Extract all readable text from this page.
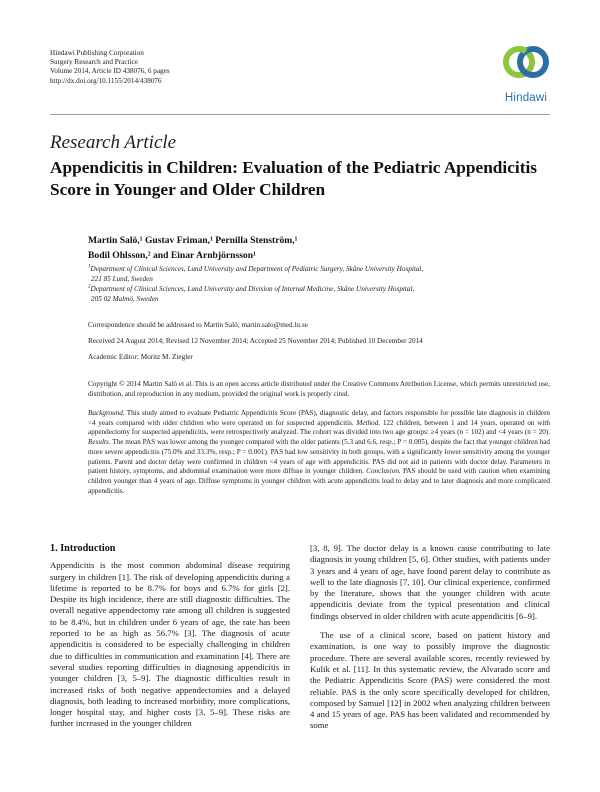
Hindawi Publishing Corporation
Surgery Research and Practice
Volume 2014, Article ID 438076, 6 pages
http://dx.doi.org/10.1155/2014/438076
Hindawi
Research Article
Appendicitis in Children: Evaluation of the Pediatric Appendicitis Score in Younger and Older Children
Martin Salö,¹ Gustav Friman,¹ Pernilla Stenström,¹
Bodil Ohlsson,² and Einar Arnbjörnsson¹
$^1$Department of Clinical Sciences, Lund University and Department of Pediatric Surgery, Skåne University Hospital,
221 85 Lund, Sweden
$^2$Department of Clinical Sciences, Lund University and Division of Internal Medicine, Skåne University Hospital,
205 02 Malmö, Sweden
Correspondence should be addressed to Martin Salö; martin.salo@med.lu.se
Received 24 August 2014; Revised 12 November 2014; Accepted 25 November 2014; Published 10 December 2014
Academic Editor: Moritz M. Ziegler
Copyright © 2014 Martin Salö et al. This is an open access article distributed under the Creative Commons Attribution License, which permits unrestricted use, distribution, and reproduction in any medium, provided the original work is properly cited.
Background. This study aimed to evaluate Pediatric Appendicitis Score (PAS), diagnostic delay, and factors responsible for possible late diagnosis in children <4 years compared with older children who were operated on for suspected appendicitis. Method. 122 children, between 1 and 14 years, operated on with appendectomy for suspected appendicitis, were retrospectively analyzed. The cohort was divided into two age groups: ≥4 years (n = 102) and <4 years (n = 20). Results. The mean PAS was lower among the younger compared with the older patients (5.3 and 6.6, resp.; P = 0.005), despite the fact that younger children had more severe appendicitis (75.0% and 33.3%, resp.; P = 0.001). PAS had low sensitivity in both groups, with a significantly lower sensitivity among the younger patients. Parent and doctor delay were confirmed in children <4 years of age with appendicitis. PAS did not aid in patients with doctor delay. Parameters in patient history, symptoms, and abdominal examination were more diffuse in younger children. Conclusion. PAS should be used with caution when examining children younger than 4 years of age. Diffuse symptoms in younger children with acute appendicitis lead to delay and to later diagnosis and more complicated appendicitis.
1. Introduction

Appendicitis is the most common abdominal disease requiring surgery in children [1]. The risk of developing appendicitis during a lifetime is reported to be 8.7% for boys and 6.7% for girls [2]. Despite its high incidence, there are still diagnostic difficulties. The overall negative appendectomy rate among all children is suggested to be 8.4%, but in children under 6 years of age, the rate has been reported to be as high as 56.7% [3]. The diagnosis of acute appendicitis is considered to be especially challenging in children due to difficulties in communication and examination [4]. There are several studies reporting difficulties in diagnosing appendicitis in younger children [3, 5–9]. The diagnostic difficulties result in increased risks of both negative appendectomies and a delayed diagnosis, both leading to increased morbidity, more complications, longer hospital stay, and higher costs [3, 5–9]. These risks are further increased in the younger children

[3, 8, 9]. The doctor delay is a known cause contributing to late diagnosis in young children [5, 6]. Other studies, with patients under 3 years and 4 years of age, have found parent delay to contribute as well to the late diagnosis [7, 10]. Our clinical experience, confirmed by the literature, shows that the younger children with acute appendicitis deviate from the typical presentation and clinical findings observed in older children with acute appendicitis [6–9].

The use of a clinical score, based on patient history and examination, is one way to possibly improve the diagnostic procedure. There are several available scores, recently reviewed by Kulik et al. [11]. In this systematic review, the Alvarado score and the Pediatric Appendicitis Score (PAS) were considered the most reliable. PAS is the only score specifically developed for children, composed by Samuel [12] in 2002 when analyzing children between 4 and 15 years of age. PAS has been validated and recommended by some
